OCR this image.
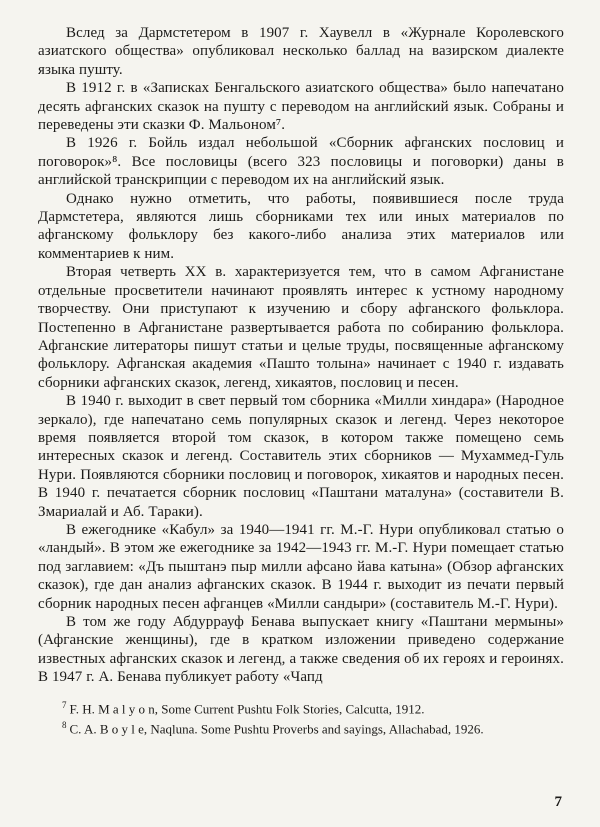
Вслед за Дармстетером в 1907 г. Хаувелл в «Журнале Королевского азиатского общества» опубликовал несколько баллад на вазирском диалекте языка пушту.

В 1912 г. в «Записках Бенгальского азиатского общества» было напечатано десять афганских сказок на пушту с переводом на английский язык. Собраны и переведены эти сказки Ф. Мальоном⁷.

В 1926 г. Бойль издал небольшой «Сборник афганских пословиц и поговорок»⁸. Все пословицы (всего 323 пословицы и поговорки) даны в английской транскрипции с переводом их на английский язык.

Однако нужно отметить, что работы, появившиеся после труда Дармстетера, являются лишь сборниками тех или иных материалов по афганскому фольклору без какого-либо анализа этих материалов или комментариев к ним.

Вторая четверть XX в. характеризуется тем, что в самом Афганистане отдельные просветители начинают проявлять интерес к устному народному творчеству. Они приступают к изучению и сбору афганского фольклора. Постепенно в Афганистане развертывается работа по собиранию фольклора. Афганские литераторы пишут статьи и целые труды, посвященные афганскому фольклору. Афганская академия «Пашто толына» начинает с 1940 г. издавать сборники афганских сказок, легенд, хикаятов, пословиц и песен.

В 1940 г. выходит в свет первый том сборника «Милли хиндара» (Народное зеркало), где напечатано семь популярных сказок и легенд. Через некоторое время появляется второй том сказок, в котором также помещено семь интересных сказок и легенд. Составитель этих сборников — Мухаммед-Гуль Нури. Появляются сборники пословиц и поговорок, хикаятов и народных песен. В 1940 г. печатается сборник пословиц «Паштани маталуна» (составители В. Змариалай и Аб. Тараки).

В ежегоднике «Кабул» за 1940—1941 гг. М.-Г. Нури опубликовал статью о «ландый». В этом же ежегоднике за 1942—1943 гг. М.-Г. Нури помещает статью под заглавием: «Дъ пыштанэ пыр милли афсано йава катына» (Обзор афганских сказок), где дан анализ афганских сказок. В 1944 г. выходит из печати первый сборник народных песен афганцев «Милли сандыри» (составитель М.-Г. Нури).

В том же году Абдуррауф Бенава выпускает книгу «Паштани мермыны» (Афганские женщины), где в кратком изложении приведено содержание известных афганских сказок и легенд, а также сведения об их героях и героинях. В 1947 г. А. Бенава публикует работу «Чапд

$^7$ F. H. M a l y o n, Some Current Pushtu Folk Stories, Calcutta, 1912.

$^8$ C. A. B o y l e, Naqluna. Some Pushtu Proverbs and sayings, Allachabad, 1926.

7
